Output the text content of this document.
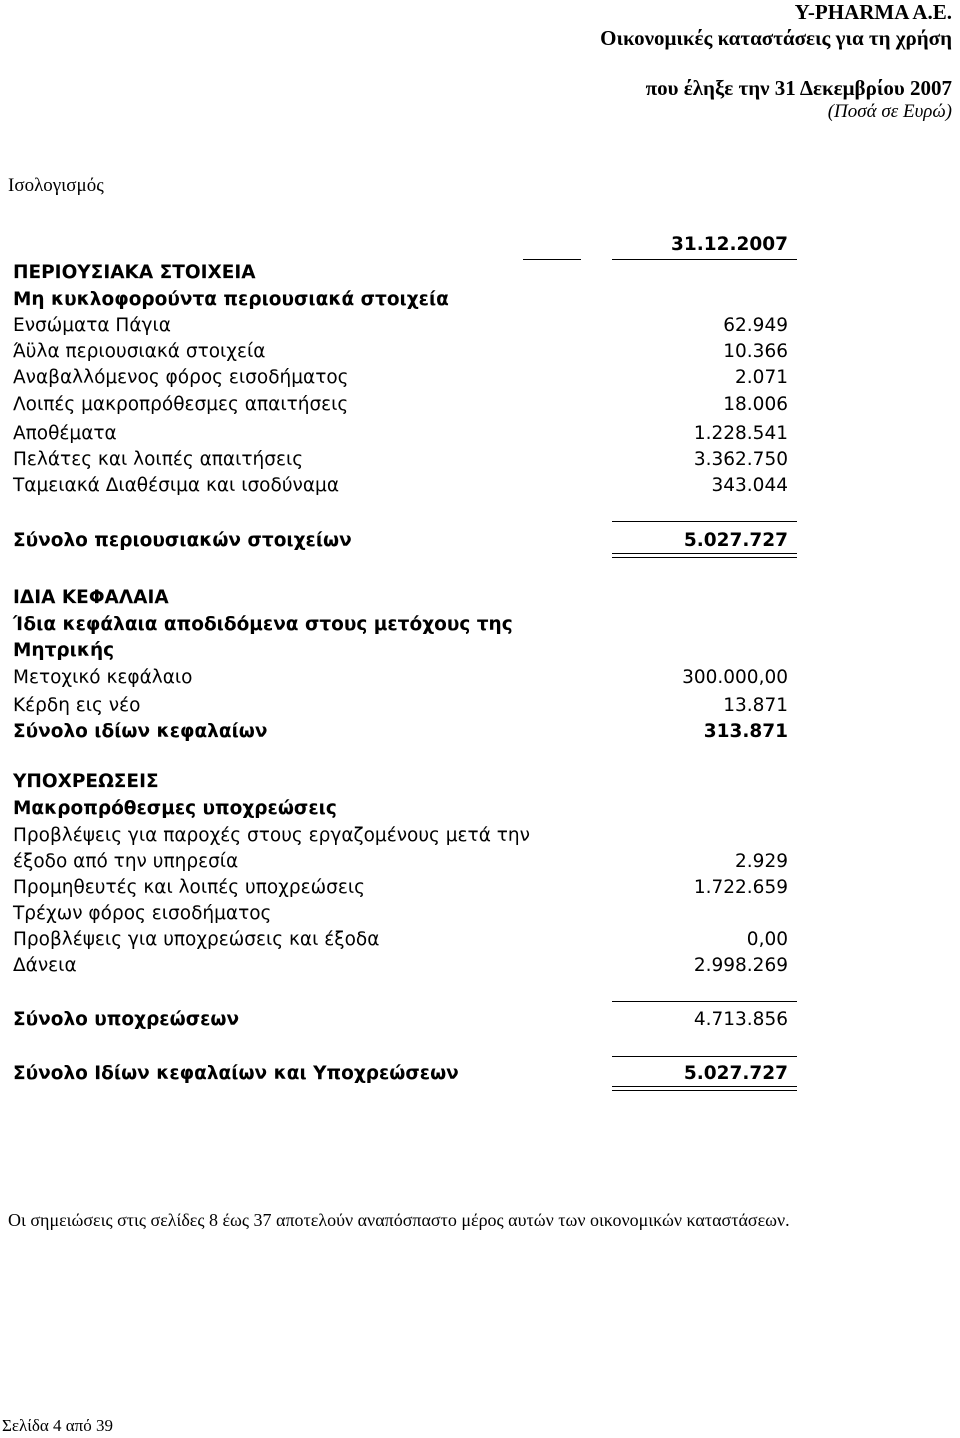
Y-PHARMA A.E.
Οικονομικές καταστάσεις για τη χρήση
που έληξε την 31 Δεκεμβρίου 2007
(Ποσά σε Ευρώ)
Ισολογισμός
31.12.2007
ΠΕΡΙΟΥΣΙΑΚΑ ΣΤΟΙΧΕΙΑ
Μη κυκλοφορούντα περιουσιακά στοιχεία
Ενσώματα Πάγια	62.949
Άϋλα περιουσιακά στοιχεία	10.366
Αναβαλλόμενος φόρος εισοδήματος	2.071
Λοιπές μακροπρόθεσμες απαιτήσεις	18.006
Αποθέματα	1.228.541
Πελάτες και λοιπές απαιτήσεις	3.362.750
Ταμειακά Διαθέσιμα και ισοδύναμα	343.044
Σύνολο περιουσιακών στοιχείων	5.027.727
ΙΔΙΑ ΚΕΦΑΛΑΙΑ
Ίδια κεφάλαια αποδιδόμενα στους μετόχους της
Μητρικής
Μετοχικό κεφάλαιο	300.000,00
Κέρδη εις νέο	13.871
Σύνολο ιδίων κεφαλαίων	313.871
ΥΠΟΧΡΕΩΣΕΙΣ
Μακροπρόθεσμες υποχρεώσεις
Προβλέψεις για παροχές στους εργαζομένους μετά την
έξοδο από την υπηρεσία	2.929
Προμηθευτές και λοιπές υποχρεώσεις	1.722.659
Τρέχων φόρος εισοδήματος
Προβλέψεις για υποχρεώσεις και έξοδα	0,00
Δάνεια	2.998.269
Σύνολο υποχρεώσεων	4.713.856
Σύνολο Ιδίων κεφαλαίων και Υποχρεώσεων	5.027.727
Οι σημειώσεις στις σελίδες 8 έως 37 αποτελούν αναπόσπαστο μέρος αυτών των οικονομικών καταστάσεων.
Σελίδα 4 από 39
